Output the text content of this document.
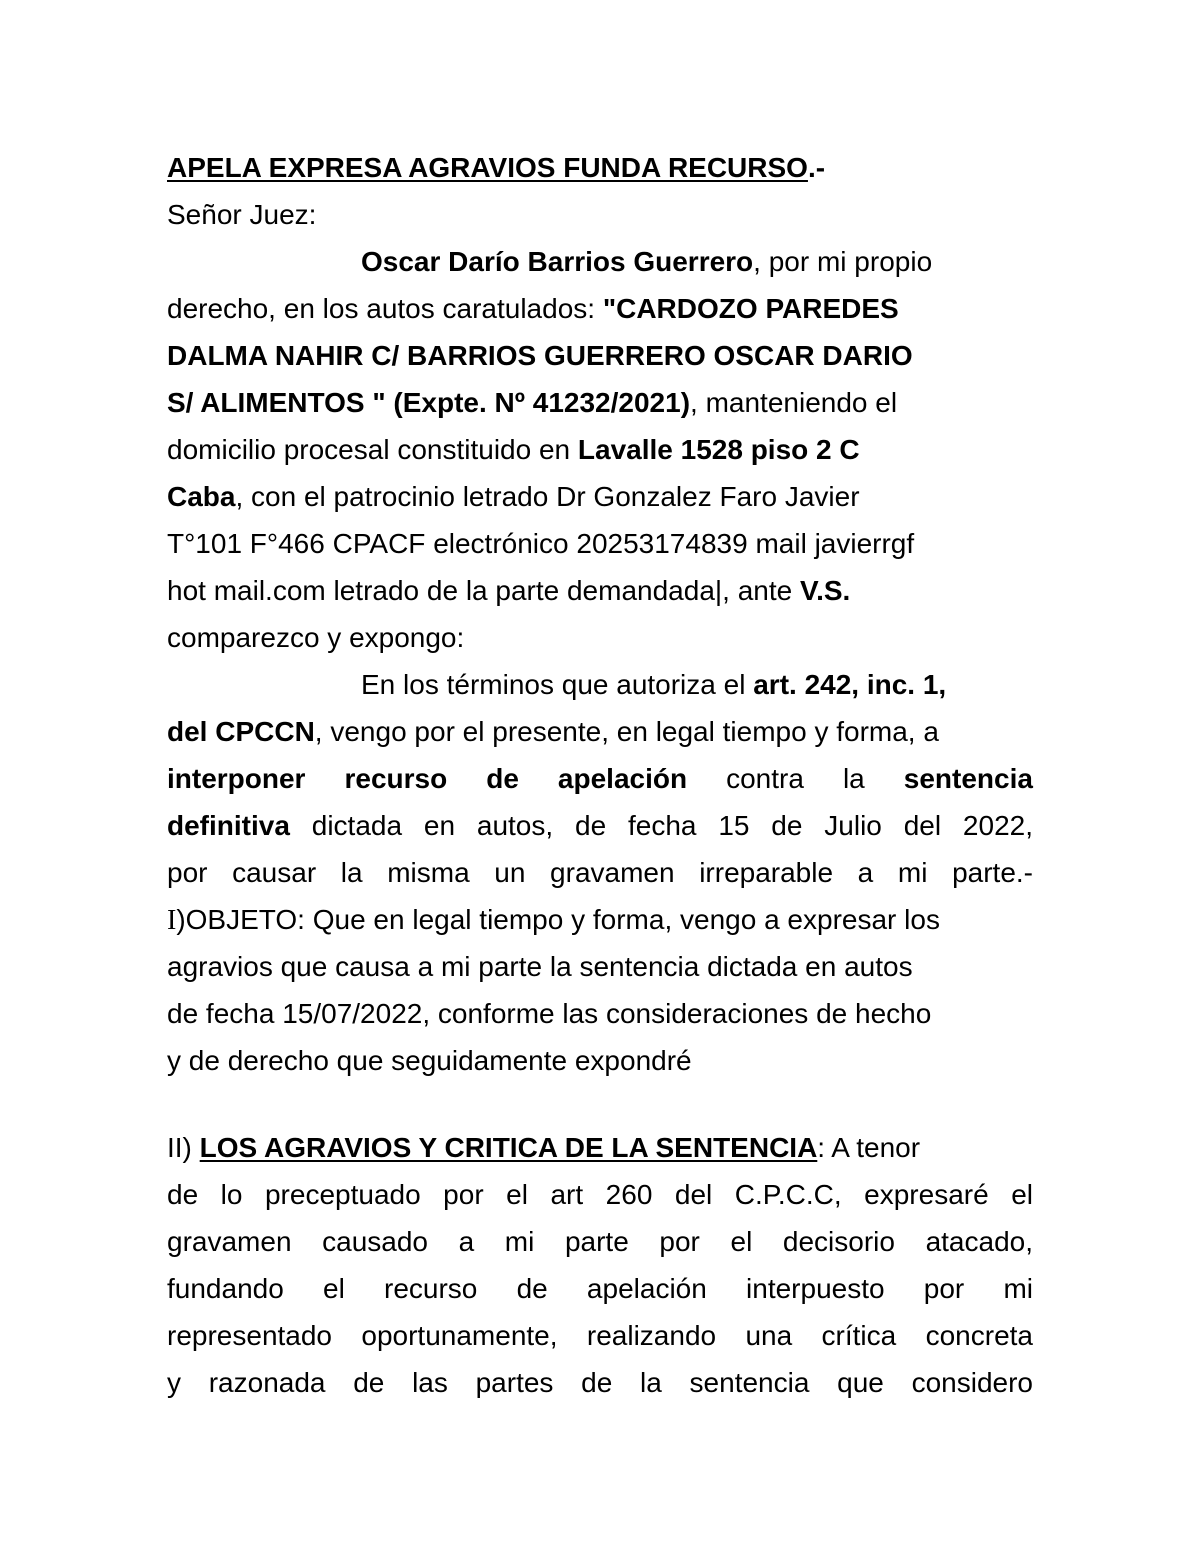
APELA EXPRESA AGRAVIOS FUNDA RECURSO.-
Señor Juez:
Oscar Darío Barrios Guerrero, por mi propio
derecho, en los autos caratulados: "CARDOZO PAREDES
DALMA NAHIR C/ BARRIOS GUERRERO OSCAR DARIO
S/ ALIMENTOS " (Expte. Nº 41232/2021), manteniendo el
domicilio procesal constituido en Lavalle 1528 piso 2 C
Caba, con el patrocinio letrado Dr Gonzalez Faro Javier
T°101 F°466 CPACF electrónico 20253174839 mail javierrgf
hot mail.com letrado de la parte demandada|, ante V.S.
comparezco y expongo:
En los términos que autoriza el art. 242, inc. 1,
del CPCCN, vengo por el presente, en legal tiempo y forma, a
interponer recurso de apelación contra la sentencia
definitiva dictada en autos, de fecha 15 de Julio del 2022,
por causar la misma un gravamen irreparable a mi parte.-
I)OBJETO: Que en legal tiempo y forma, vengo a expresar los
agravios que causa a mi parte la sentencia dictada en autos
de fecha 15/07/2022, conforme las consideraciones de hecho
y de derecho que seguidamente expondré
II) LOS AGRAVIOS Y CRITICA DE LA SENTENCIA: A tenor
de lo preceptuado por el art 260 del C.P.C.C, expresaré el
gravamen causado a mi parte por el decisorio atacado,
fundando el recurso de apelación interpuesto por mi
representado oportunamente, realizando una crítica concreta
y razonada de las partes de la sentencia que considero
